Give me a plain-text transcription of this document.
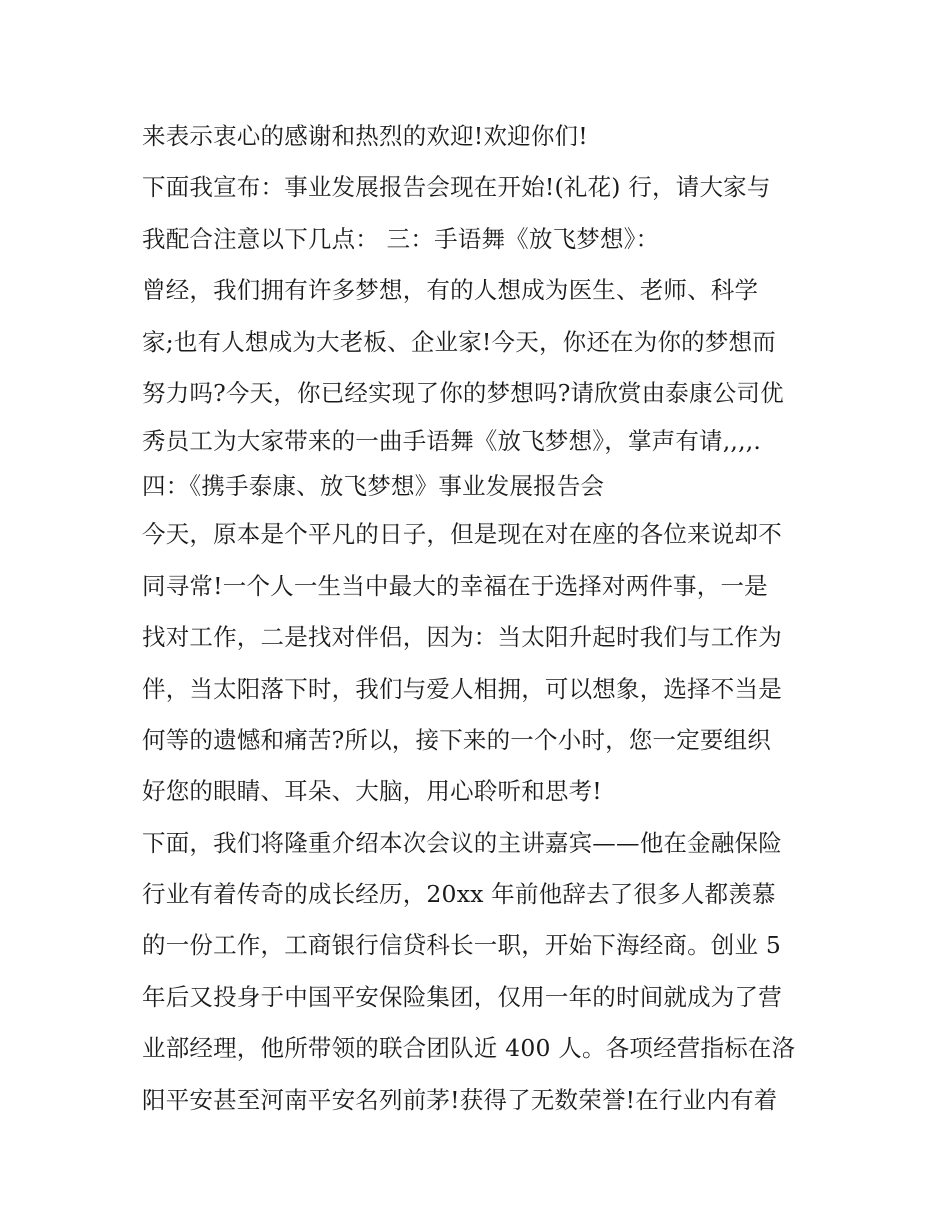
来表示衷心的感谢和热烈的欢迎!欢迎你们!
下面我宣布：事业发展报告会现在开始!(礼花) 行，请大家与
我配合注意以下几点： 三：手语舞《放飞梦想》：
曾经，我们拥有许多梦想，有的人想成为医生、老师、科学
家;也有人想成为大老板、企业家!今天，你还在为你的梦想而
努力吗?今天，你已经实现了你的梦想吗?请欣赏由泰康公司优
秀员工为大家带来的一曲手语舞《放飞梦想》，掌声有请,,,,.
四：《携手泰康、放飞梦想》事业发展报告会
今天，原本是个平凡的日子，但是现在对在座的各位来说却不
同寻常!一个人一生当中最大的幸福在于选择对两件事，一是
找对工作，二是找对伴侣，因为：当太阳升起时我们与工作为
伴，当太阳落下时，我们与爱人相拥，可以想象，选择不当是
何等的遗憾和痛苦?所以，接下来的一个小时，您一定要组织
好您的眼睛、耳朵、大脑，用心聆听和思考!
下面，我们将隆重介绍本次会议的主讲嘉宾——他在金融保险
行业有着传奇的成长经历，20xx 年前他辞去了很多人都羡慕
的一份工作，工商银行信贷科长一职，开始下海经商。创业 5
年后又投身于中国平安保险集团，仅用一年的时间就成为了营
业部经理，他所带领的联合团队近 400 人。各项经营指标在洛
阳平安甚至河南平安名列前茅!获得了无数荣誉!在行业内有着
